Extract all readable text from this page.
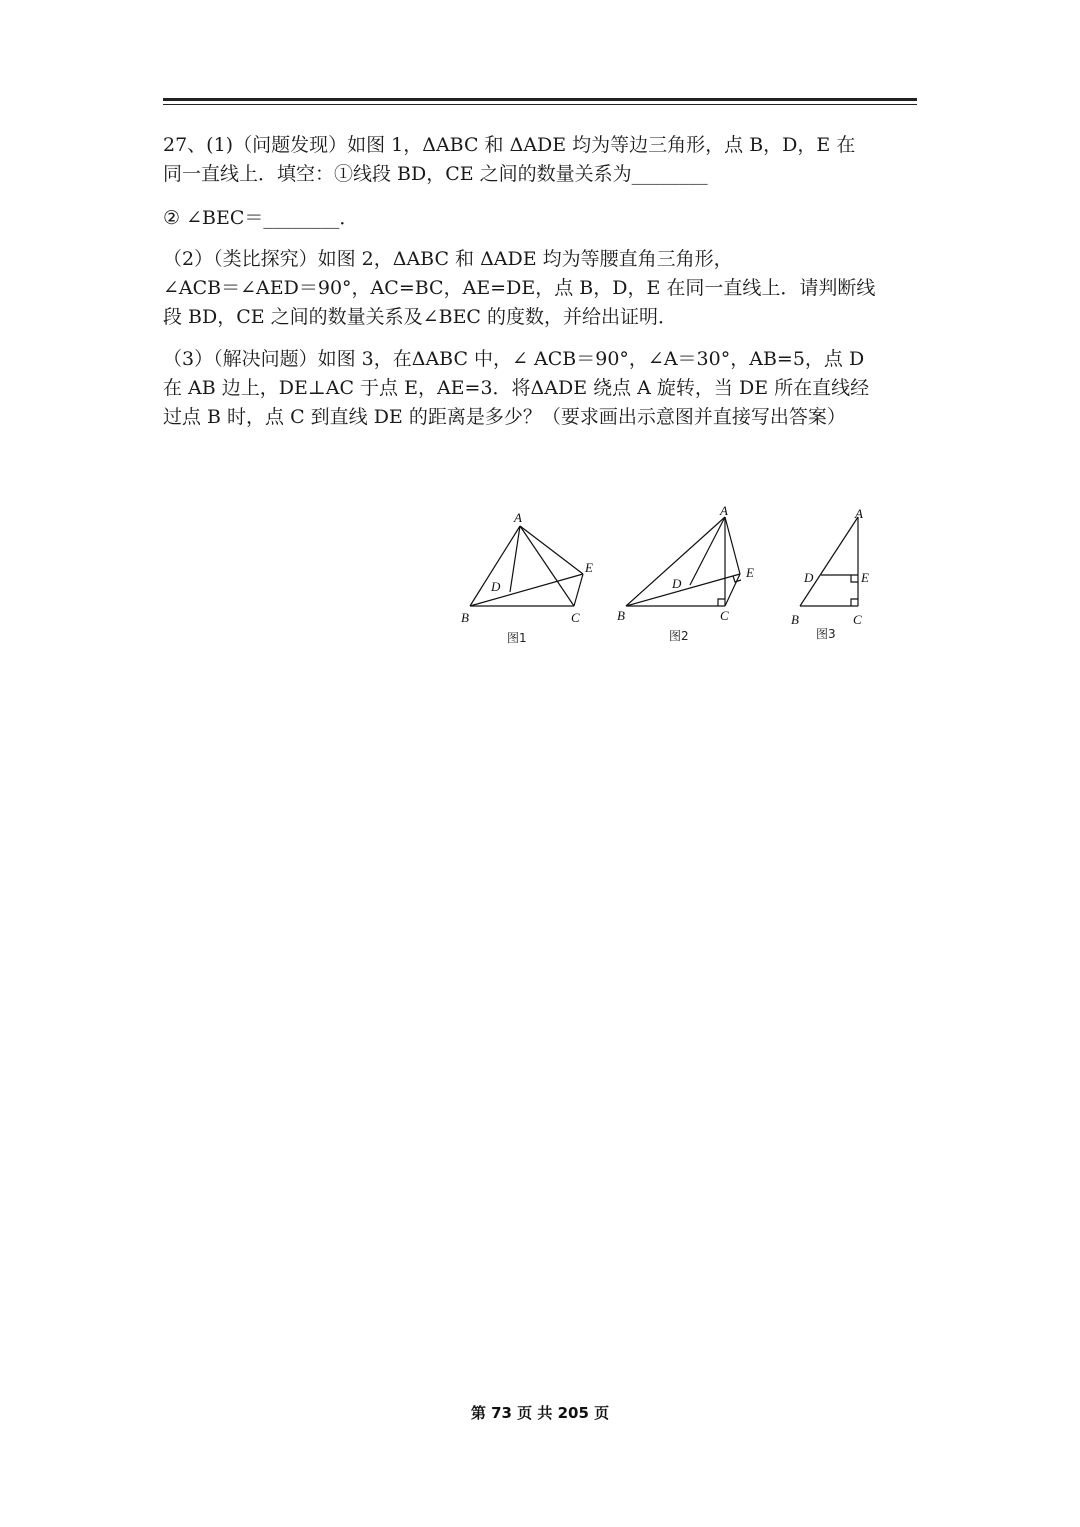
27、(1)（问题发现）如图 1，ΔABC 和 ΔADE 均为等边三角形，点 B，D，E 在
同一直线上．填空：①线段 BD，CE 之间的数量关系为________
② ∠BEC＝________．
（2）（类比探究）如图 2，ΔABC 和 ΔADE 均为等腰直角三角形，
∠ACB＝∠AED＝90°，AC=BC，AE=DE，点 B，D，E 在同一直线上．请判断线
段 BD，CE 之间的数量关系及∠BEC 的度数，并给出证明．
（3）（解决问题）如图 3，在ΔABC 中，∠ ACB＝90°，∠A＝30°，AB=5，点 D
在 AB 边上，DE⊥AC 于点 E，AE=3．将ΔADE 绕点 A 旋转，当 DE 所在直线经
过点 B 时，点 C 到直线 DE 的距离是多少？（要求画出示意图并直接写出答案）
A
B	C
D
E
图1
A
B	C
D
E
图2
A
B	C
D	E
图3
第 73 页 共 205 页
